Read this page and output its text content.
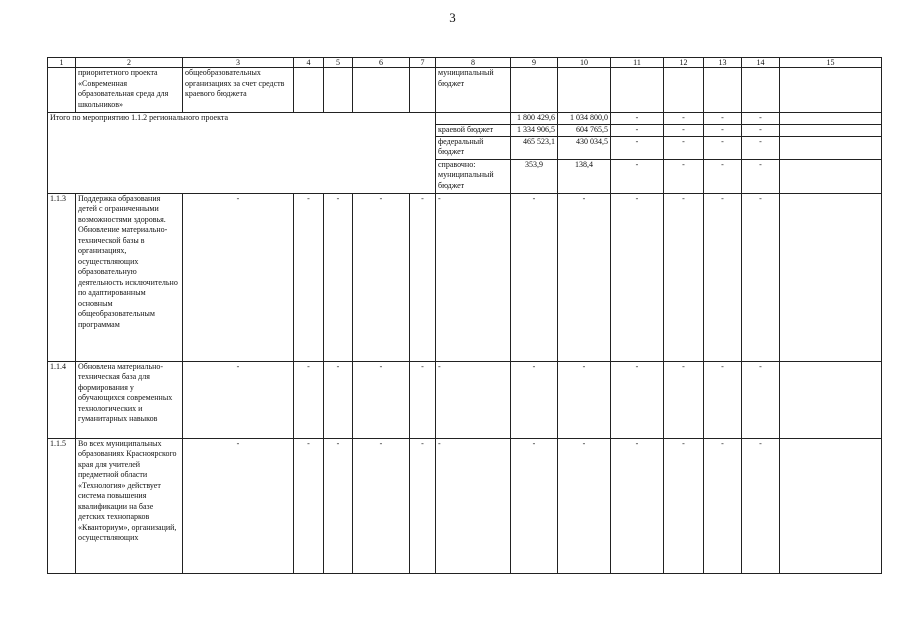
3
1	2	3	4	5	6	7	8	9	10	11	12	13	14	15
	приоритетного проекта «Современная образовательная среда для школьников»	общеобразовательных организациях за счет средств краевого бюджета					муниципальный бюджет							
Итого по мероприятию 1.1.2 регионального проекта								1 800 429,6	1 034 800,0	-	-	-	-	
							краевой бюджет	1 334 906,5	604 765,5	-	-	-	-	
							федеральный бюджет	465 523,1	430 034,5	-	-	-	-	
							справочно: муниципальный бюджет	353,9	138,4	-	-	-	-	
1.1.3	Поддержка образования детей с ограниченными возможностями здоровья. Обновление материально-технической базы в организациях, осуществляющих образовательную деятельность исключительно по адаптированным основным общеобразовательным программам	-	-	-	-	-	-	-	-	-	-	-	-	
1.1.4	Обновлена материально-техническая база для формирования у обучающихся современных технологических и гуманитарных навыков	-	-	-	-	-	-	-	-	-	-	-	-	
1.1.5	Во всех муниципальных образованиях Красноярского края для учителей предметной области «Технология» действует система повышения квалификации на базе детских технопарков «Кванториум», организаций, осуществляющих	-	-	-	-	-	-	-	-	-	-	-	-	
